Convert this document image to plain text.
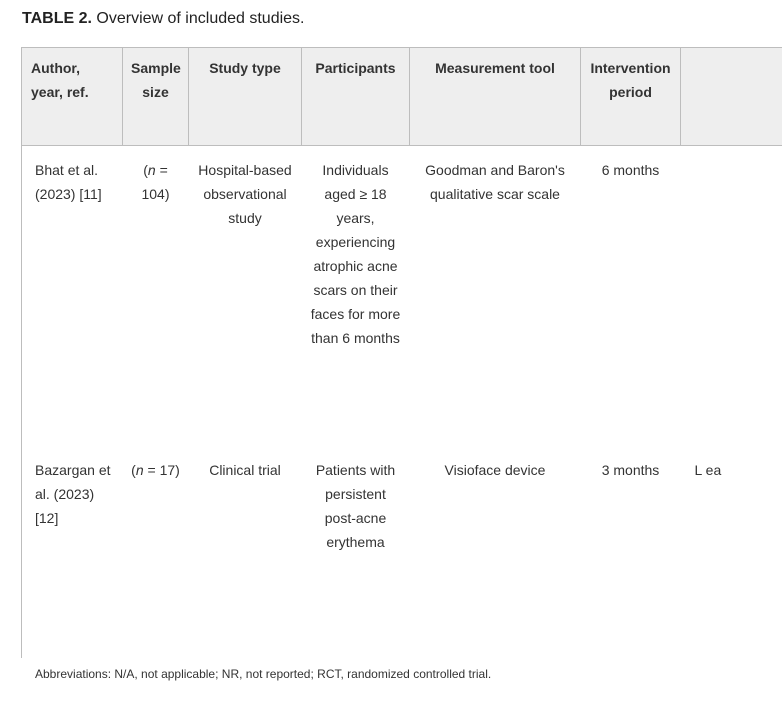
TABLE 2. Overview of included studies.
Author, year, ref.	Sample size	Study type	Participants	Measurement tool	Intervention period	
Bhat et al. (2023) [11]	(n = 104)	Hospital-based observational study	Individuals aged ≥ 18 years, experiencing atrophic acne scars on their faces for more than 6 months	Goodman and Baron's qualitative scar scale	6 months	
Bazargan et al. (2023) [12]	(n = 17)	Clinical trial	Patients with persistent post-acne erythema	Visioface device	3 months	L ea
Abbreviations: N/A, not applicable; NR, not reported; RCT, randomized controlled trial.
